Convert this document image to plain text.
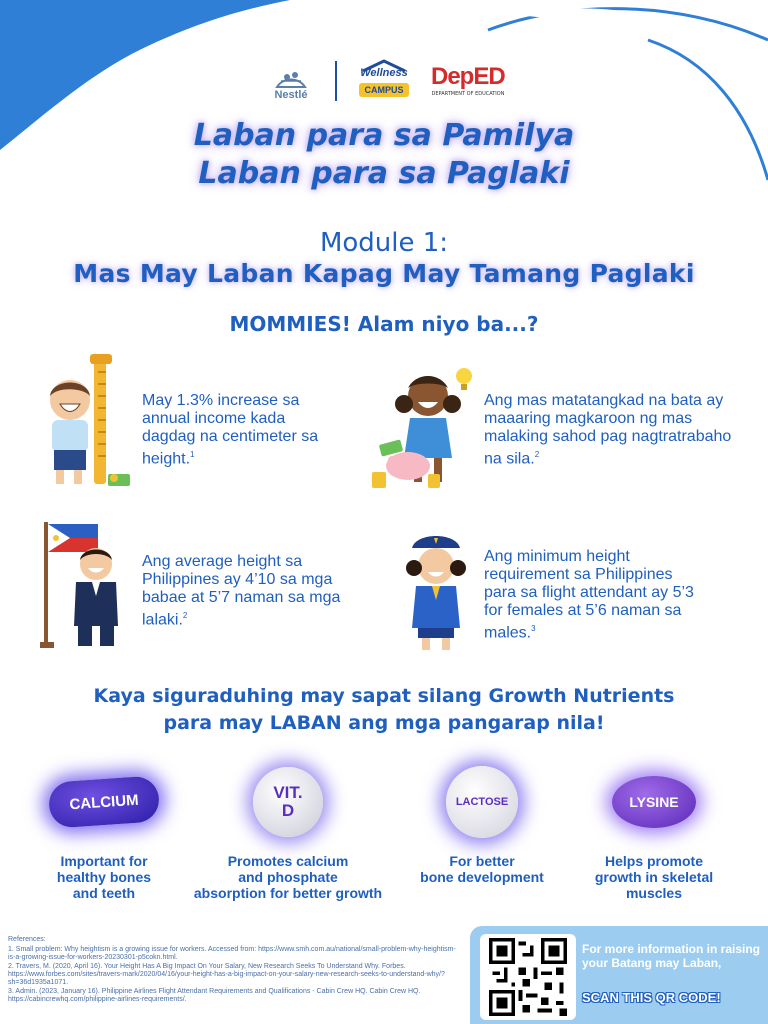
Nestlé
Wellness
CAMPUS DepED
DEPARTMENT OF EDUCATION
Laban para sa Pamilya
Laban para sa Paglaki
Module 1:
Mas May Laban Kapag May Tamang Paglaki
MOMMIES! Alam niyo ba...?
May 1.3% increase sa annual income kada dagdag na centimeter sa height.$^1$
Ang mas matatangkad na bata ay maaaring magkaroon ng mas malaking sahod pag nagtratrabaho na sila.$^2$
Ang average height sa Philippines ay 4’10 sa mga babae at 5’7 naman sa mga lalaki.$^2$
Ang minimum height requirement sa Philippines para sa flight attendant ay 5’3 for females at 5’6 naman sa males.$^3$
Kaya siguraduhing may sapat silang Growth Nutrients
para may LABAN ang mga pangarap nila!
CALCIUM
Important for
healthy bones
and teeth
VIT.
D
Promotes calcium
and phosphate
absorption for better growth
LACTOSE
For better
bone development
LYSINE
Helps promote
growth in skeletal
muscles
References:
1. Small problem: Why heightism is a growing issue for workers. Accessed from: https://www.smh.com.au/national/small-problem-why-heightism-is-a-growing-issue-for-workers-20230301-p5cokn.html.
2. Travers, M. (2020, April 16). Your Height Has A Big Impact On Your Salary, New Research Seeks To Understand Why. Forbes. https://www.forbes.com/sites/travers-mark/2020/04/16/your-height-has-a-big-impact-on-your-salary-new-research-seeks-to-understand-why/?sh=36d1935a1071.
3. Admin. (2023, January 16). Philippine Airlines Flight Attendant Requirements and Qualifications - Cabin Crew HQ. Cabin Crew HQ. https://cabincrewhq.com/philippine-airlines-requirements/.
For more information in raising your Batang may Laban,
SCAN THIS QR CODE!
